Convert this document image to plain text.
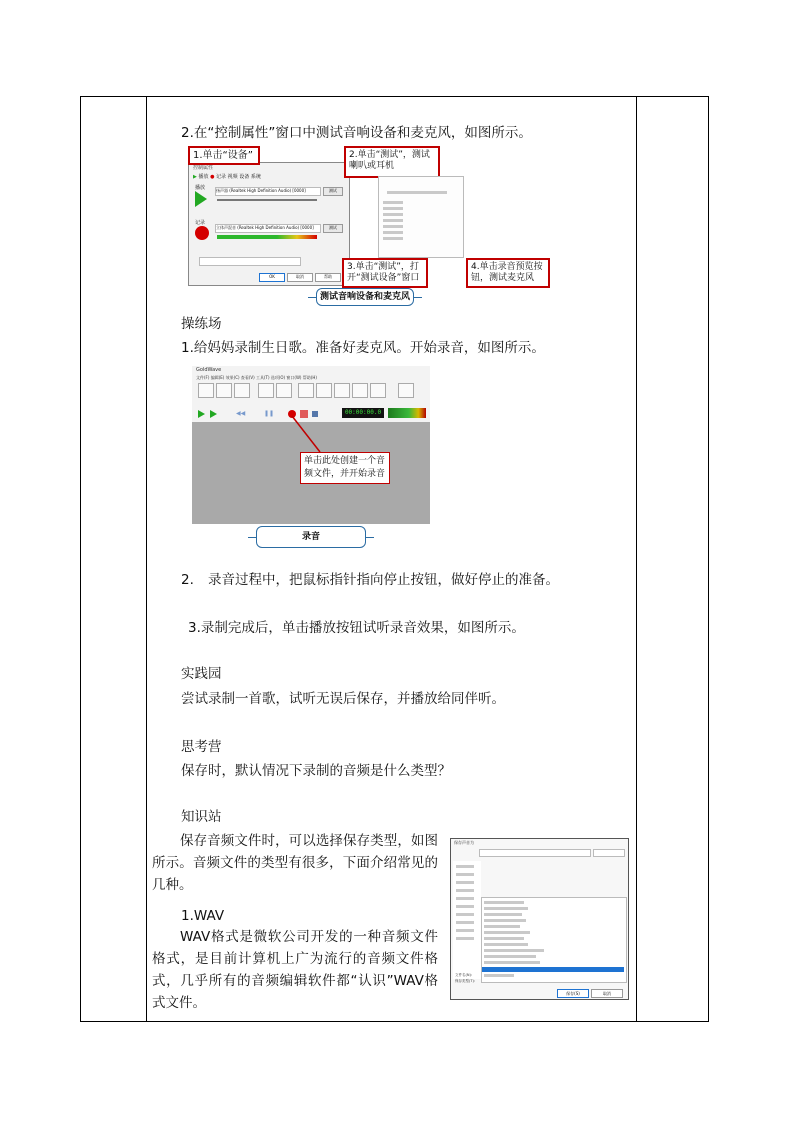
2.在“控制属性”窗口中测试音响设备和麦克风，如图所示。
控制属性
▶ 播放 ● 记录 视频 设备 系统
播放	扬声器 (Realtek High Definition Audio) [0000]	测试
记录
立体声混音 (Realtek High Definition Audio) [0000]	测试
OK	取消	帮助
1.单击“设备”	2.单击“测试”，测试喇叭或耳机
3.单击“测试”，打开“测试设备”窗口
4.单击录音预览按钮，测试麦克风
测试音响设备和麦克风
操练场
1.给妈妈录制生日歌。准备好麦克风。开始录音，如图所示。
GoldWave
文件(F) 编辑(E) 效果(C) 查看(V) 工具(T) 选项(O) 窗口(W) 帮助(H)
◀◀	❚❚	00:00:00.0
单击此处创建一个音频文件，并开始录音
录音
2. 录音过程中，把鼠标指针指向停止按钮，做好停止的准备。
3.录制完成后，单击播放按钮试听录音效果，如图所示。
实践园
尝试录制一首歌，试听无误后保存，并播放给同伴听。
思考营
保存时，默认情况下录制的音频是什么类型？
知识站
保存音频文件时，可以选择保存类型，如图所示。音频文件的类型有很多，下面介绍常见的几种。
1.WAV
WAV格式是微软公司开发的一种音频文件格式，是目前计算机上广为流行的音频文件格式，几乎所有的音频编辑软件都“认识”WAV格式文件。
保存声音为
文件名(N):
保存类型(T):
保存(S)	取消
